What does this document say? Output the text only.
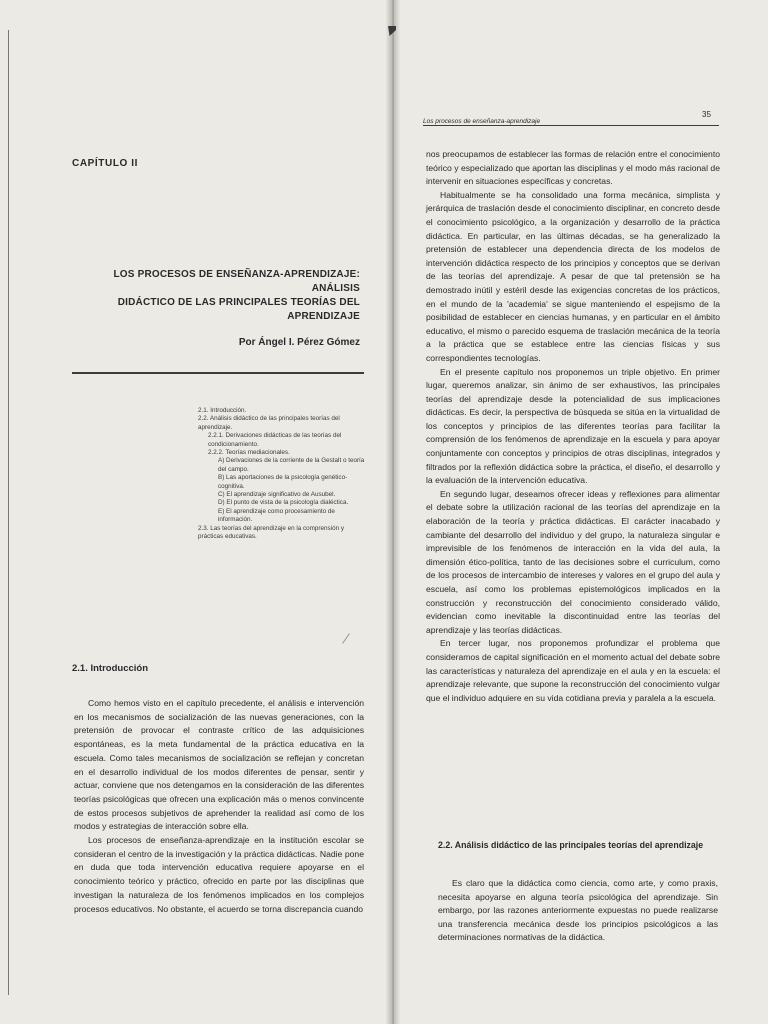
CAPÍTULO II
LOS PROCESOS DE ENSEÑANZA-APRENDIZAJE: ANÁLISIS
DIDÁCTICO DE LAS PRINCIPALES TEORÍAS DEL APRENDIZAJE
Por Ángel I. Pérez Gómez
2.1. Introducción.
2.2. Análisis didáctico de las principales teorías del aprendizaje.
2.2.1. Derivaciones didácticas de las teorías del condicionamiento.
2.2.2. Teorías mediacionales.
A) Derivaciones de la corriente de la Gestalt o teoría del campo.
B) Las aportaciones de la psicología genético-cognitiva.
C) El aprendizaje significativo de Ausubel.
D) El punto de vista de la psicología dialéctica.
E) El aprendizaje como procesamiento de información.
2.3. Las teorías del aprendizaje en la comprensión y prácticas educativas.
2.1. Introducción

Como hemos visto en el capítulo precedente, el análisis e intervención en los mecanismos de socialización de las nuevas generaciones, con la pretensión de provocar el contraste crítico de las adquisiciones espontáneas, es la meta fundamental de la práctica educativa en la escuela. Como tales mecanismos de socialización se reflejan y concretan en el desarrollo individual de los modos diferentes de pensar, sentir y actuar, conviene que nos detengamos en la consideración de las diferentes teorías psicológicas que ofrecen una explicación más o menos convincente de estos procesos subjetivos de aprehender la realidad así como de los modos y estrategias de interacción sobre ella.

Los procesos de enseñanza-aprendizaje en la institución escolar se consideran el centro de la investigación y la práctica didácticas. Nadie pone en duda que toda intervención educativa requiere apoyarse en el conocimiento teórico y práctico, ofrecido en parte por las disciplinas que investigan la naturaleza de los fenómenos implicados en los complejos procesos educativos. No obstante, el acuerdo se torna discrepancia cuando

35
Los procesos de enseñanza-aprendizaje

nos preocupamos de establecer las formas de relación entre el conocimiento teórico y especializado que aportan las disciplinas y el modo más racional de intervenir en situaciones específicas y concretas.

Habitualmente se ha consolidado una forma mecánica, simplista y jerárquica de traslación desde el conocimiento disciplinar, en concreto desde el conocimiento psicológico, a la organización y desarrollo de la práctica didáctica. En particular, en las últimas décadas, se ha generalizado la pretensión de establecer una dependencia directa de los modelos de intervención didáctica respecto de los principios y conceptos que se derivan de las teorías del aprendizaje. A pesar de que tal pretensión se ha demostrado inútil y estéril desde las exigencias concretas de los prácticos, en el mundo de la 'academia' se sigue manteniendo el espejismo de la posibilidad de establecer en ciencias humanas, y en particular en el ámbito educativo, el mismo o parecido esquema de traslación mecánica de la teoría a la práctica que se establece entre las ciencias físicas y sus correspondientes tecnologías.

En el presente capítulo nos proponemos un triple objetivo. En primer lugar, queremos analizar, sin ánimo de ser exhaustivos, las principales teorías del aprendizaje desde la potencialidad de sus implicaciones didácticas. Es decir, la perspectiva de búsqueda se sitúa en la virtualidad de los conceptos y principios de las diferentes teorías para facilitar la comprensión de los fenómenos de aprendizaje en la escuela y para apoyar conjuntamente con conceptos y principios de otras disciplinas, integrados y filtrados por la reflexión didáctica sobre la práctica, el diseño, el desarrollo y la evaluación de la intervención educativa.

En segundo lugar, deseamos ofrecer ideas y reflexiones para alimentar el debate sobre la utilización racional de las teorías del aprendizaje en la elaboración de la teoría y práctica didácticas. El carácter inacabado y cambiante del desarrollo del individuo y del grupo, la naturaleza singular e imprevisible de los fenómenos de interacción en la vida del aula, la dimensión ético-política, tanto de las decisiones sobre el curriculum, como de los procesos de intercambio de intereses y valores en el grupo del aula y escuela, así como los problemas epistemológicos implicados en la construcción y reconstrucción del conocimiento considerado válido, evidencian como inevitable la discontinuidad entre las teorías del aprendizaje y las teorías didácticas.

En tercer lugar, nos proponemos profundizar el problema que consideramos de capital significación en el momento actual del debate sobre las características y naturaleza del aprendizaje en el aula y en la escuela: el aprendizaje relevante, que supone la reconstrucción del conocimiento vulgar que el individuo adquiere en su vida cotidiana previa y paralela a la escuela.

2.2. Análisis didáctico de las principales teorías del aprendizaje

Es claro que la didáctica como ciencia, como arte, y como praxis, necesita apoyarse en alguna teoría psicológica del aprendizaje. Sin embargo, por las razones anteriormente expuestas no puede realizarse una transferencia mecánica desde los principios psicológicos a las determinaciones normativas de la didáctica.
